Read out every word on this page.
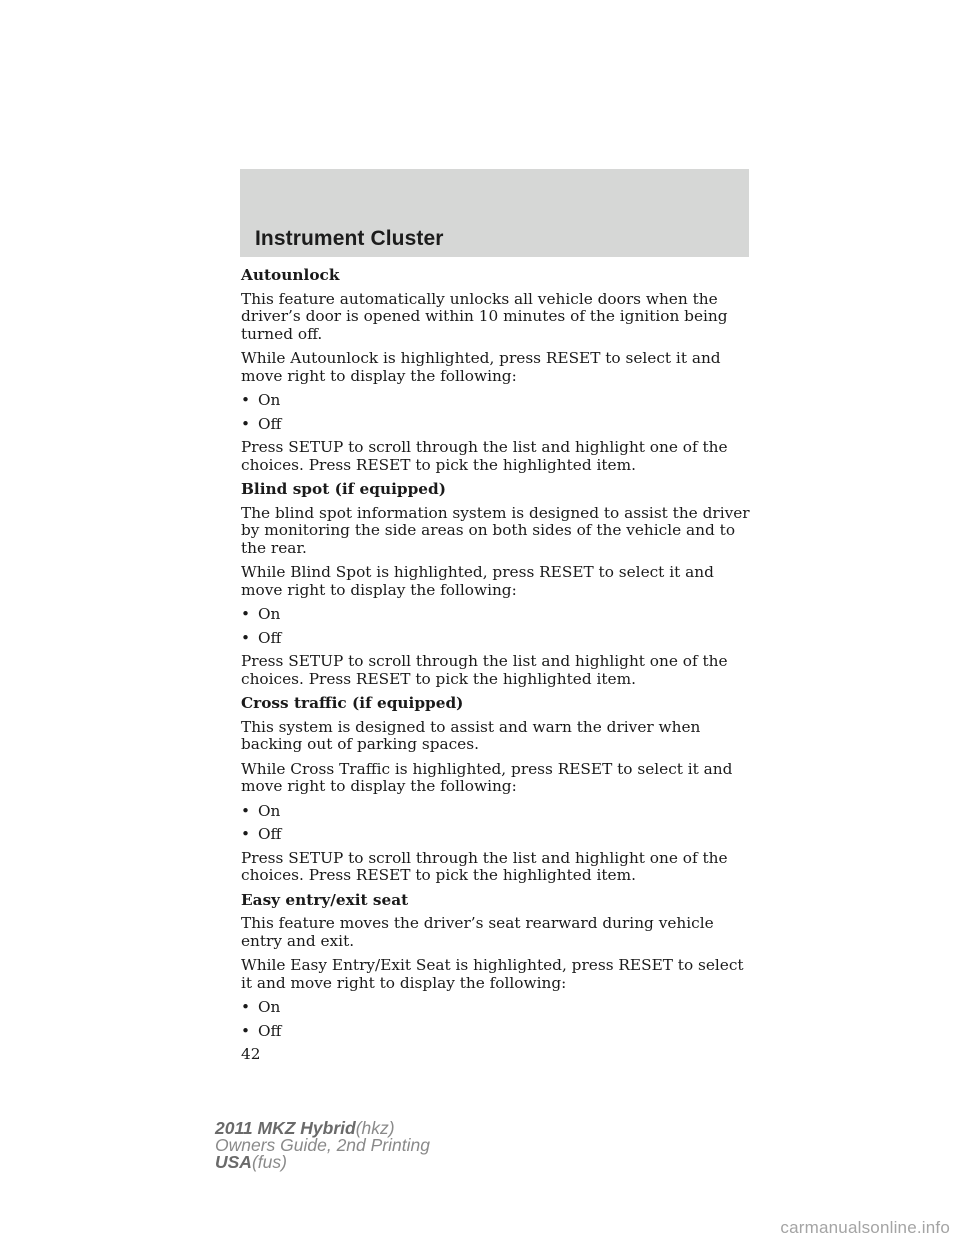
Instrument Cluster

Autounlock

This feature automatically unlocks all vehicle doors when the driver’s door is opened within 10 minutes of the ignition being turned off.

While Autounlock is highlighted, press RESET to select it and move right to display the following:

• On
• Off

Press SETUP to scroll through the list and highlight one of the choices. Press RESET to pick the highlighted item.

Blind spot (if equipped)

The blind spot information system is designed to assist the driver by monitoring the side areas on both sides of the vehicle and to the rear.

While Blind Spot is highlighted, press RESET to select it and move right to display the following:

• On
• Off

Press SETUP to scroll through the list and highlight one of the choices. Press RESET to pick the highlighted item.

Cross traffic (if equipped)

This system is designed to assist and warn the driver when backing out of parking spaces.

While Cross Traffic is highlighted, press RESET to select it and move right to display the following:

• On
• Off

Press SETUP to scroll through the list and highlight one of the choices. Press RESET to pick the highlighted item.

Easy entry/exit seat

This feature moves the driver’s seat rearward during vehicle entry and exit.

While Easy Entry/Exit Seat is highlighted, press RESET to select it and move right to display the following:

• On
• Off
42
2011 MKZ Hybrid(hkz)
Owners Guide, 2nd Printing
USA(fus)
carmanualsonline.info
